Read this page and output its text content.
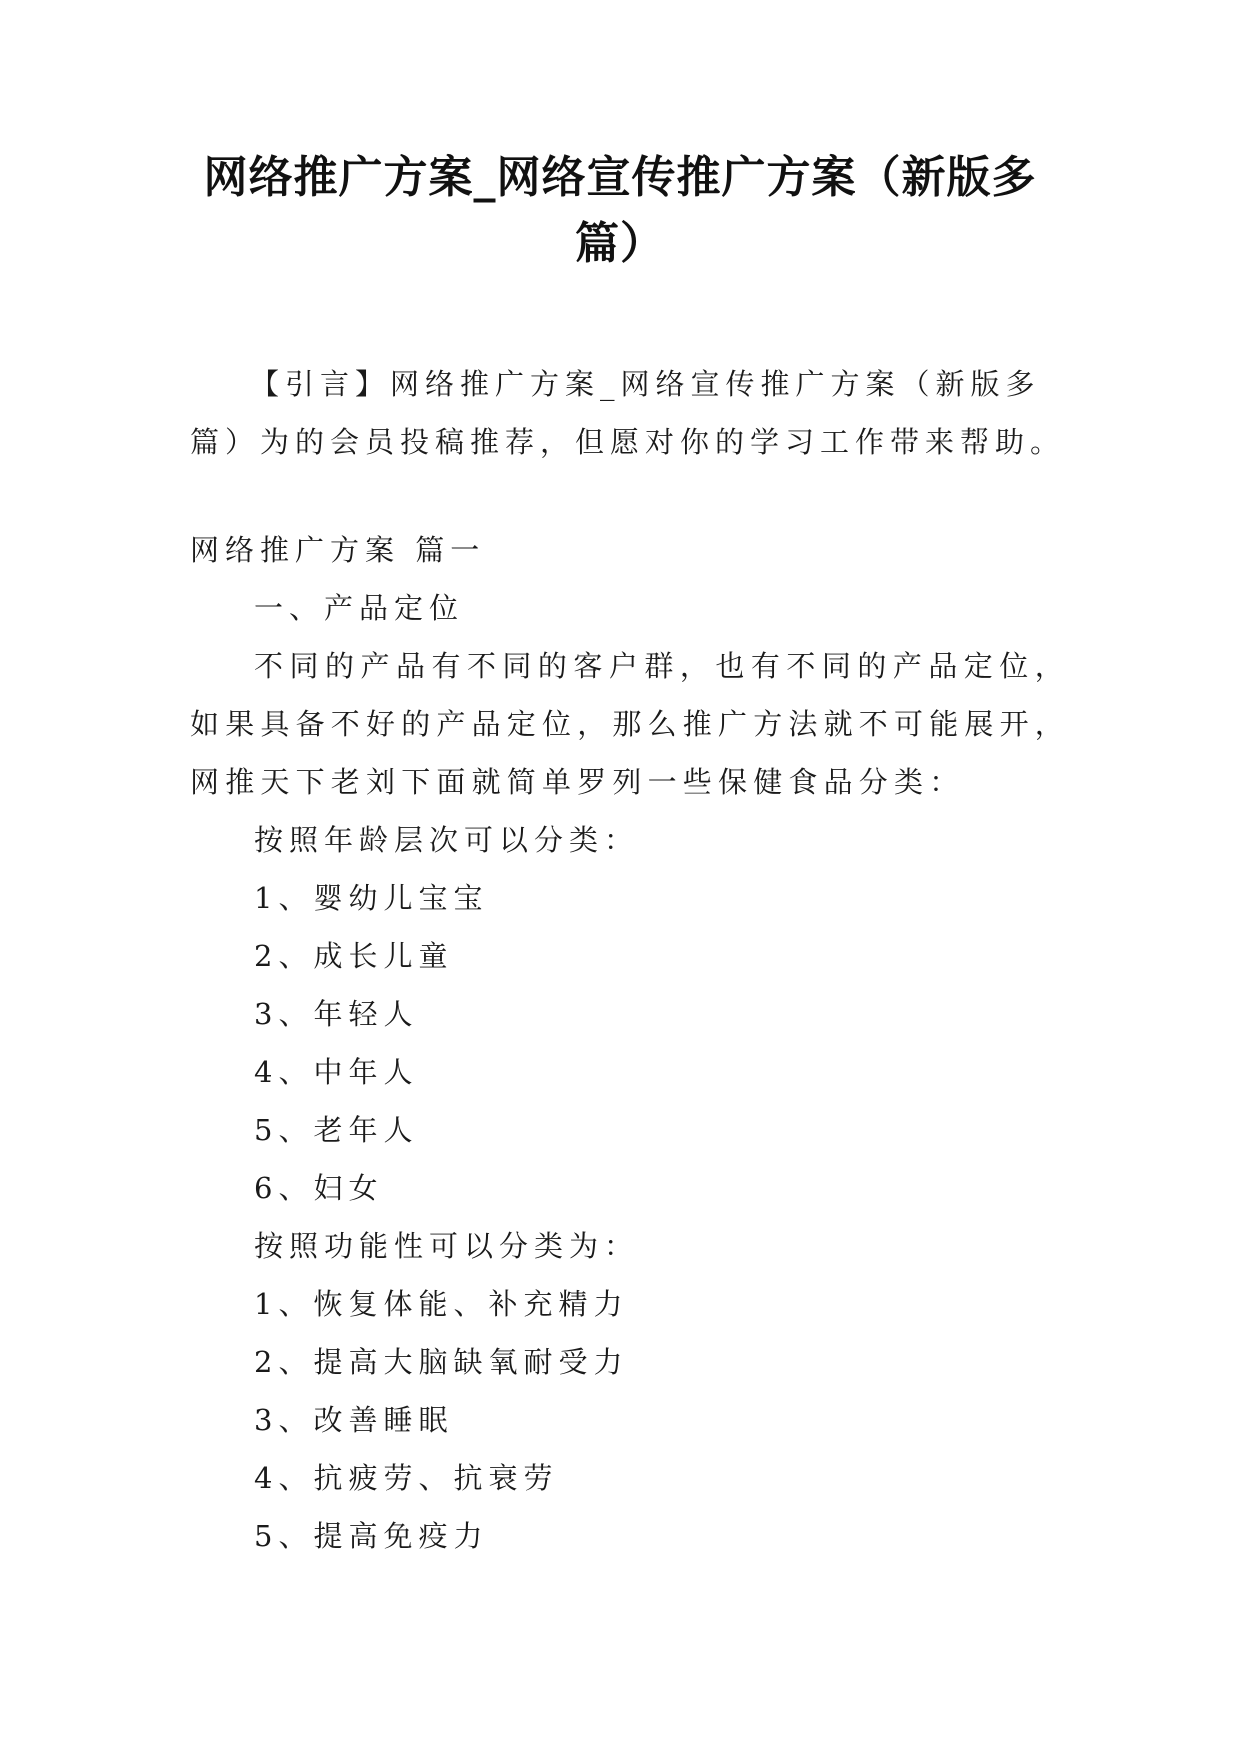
网络推广方案_网络宣传推广方案（新版多
篇）

【引言】网络推广方案_网络宣传推广方案（新版多篇）为的会员投稿推荐，但愿对你的学习工作带来帮助。

网络推广方案 篇一

一、产品定位

不同的产品有不同的客户群，也有不同的产品定位，如果具备不好的产品定位，那么推广方法就不可能展开，网推天下老刘下面就简单罗列一些保健食品分类：

按照年龄层次可以分类：

1、婴幼儿宝宝

2、成长儿童

3、年轻人

4、中年人

5、老年人

6、妇女

按照功能性可以分类为：

1、恢复体能、补充精力

2、提高大脑缺氧耐受力

3、改善睡眠

4、抗疲劳、抗衰劳

5、提高免疫力
